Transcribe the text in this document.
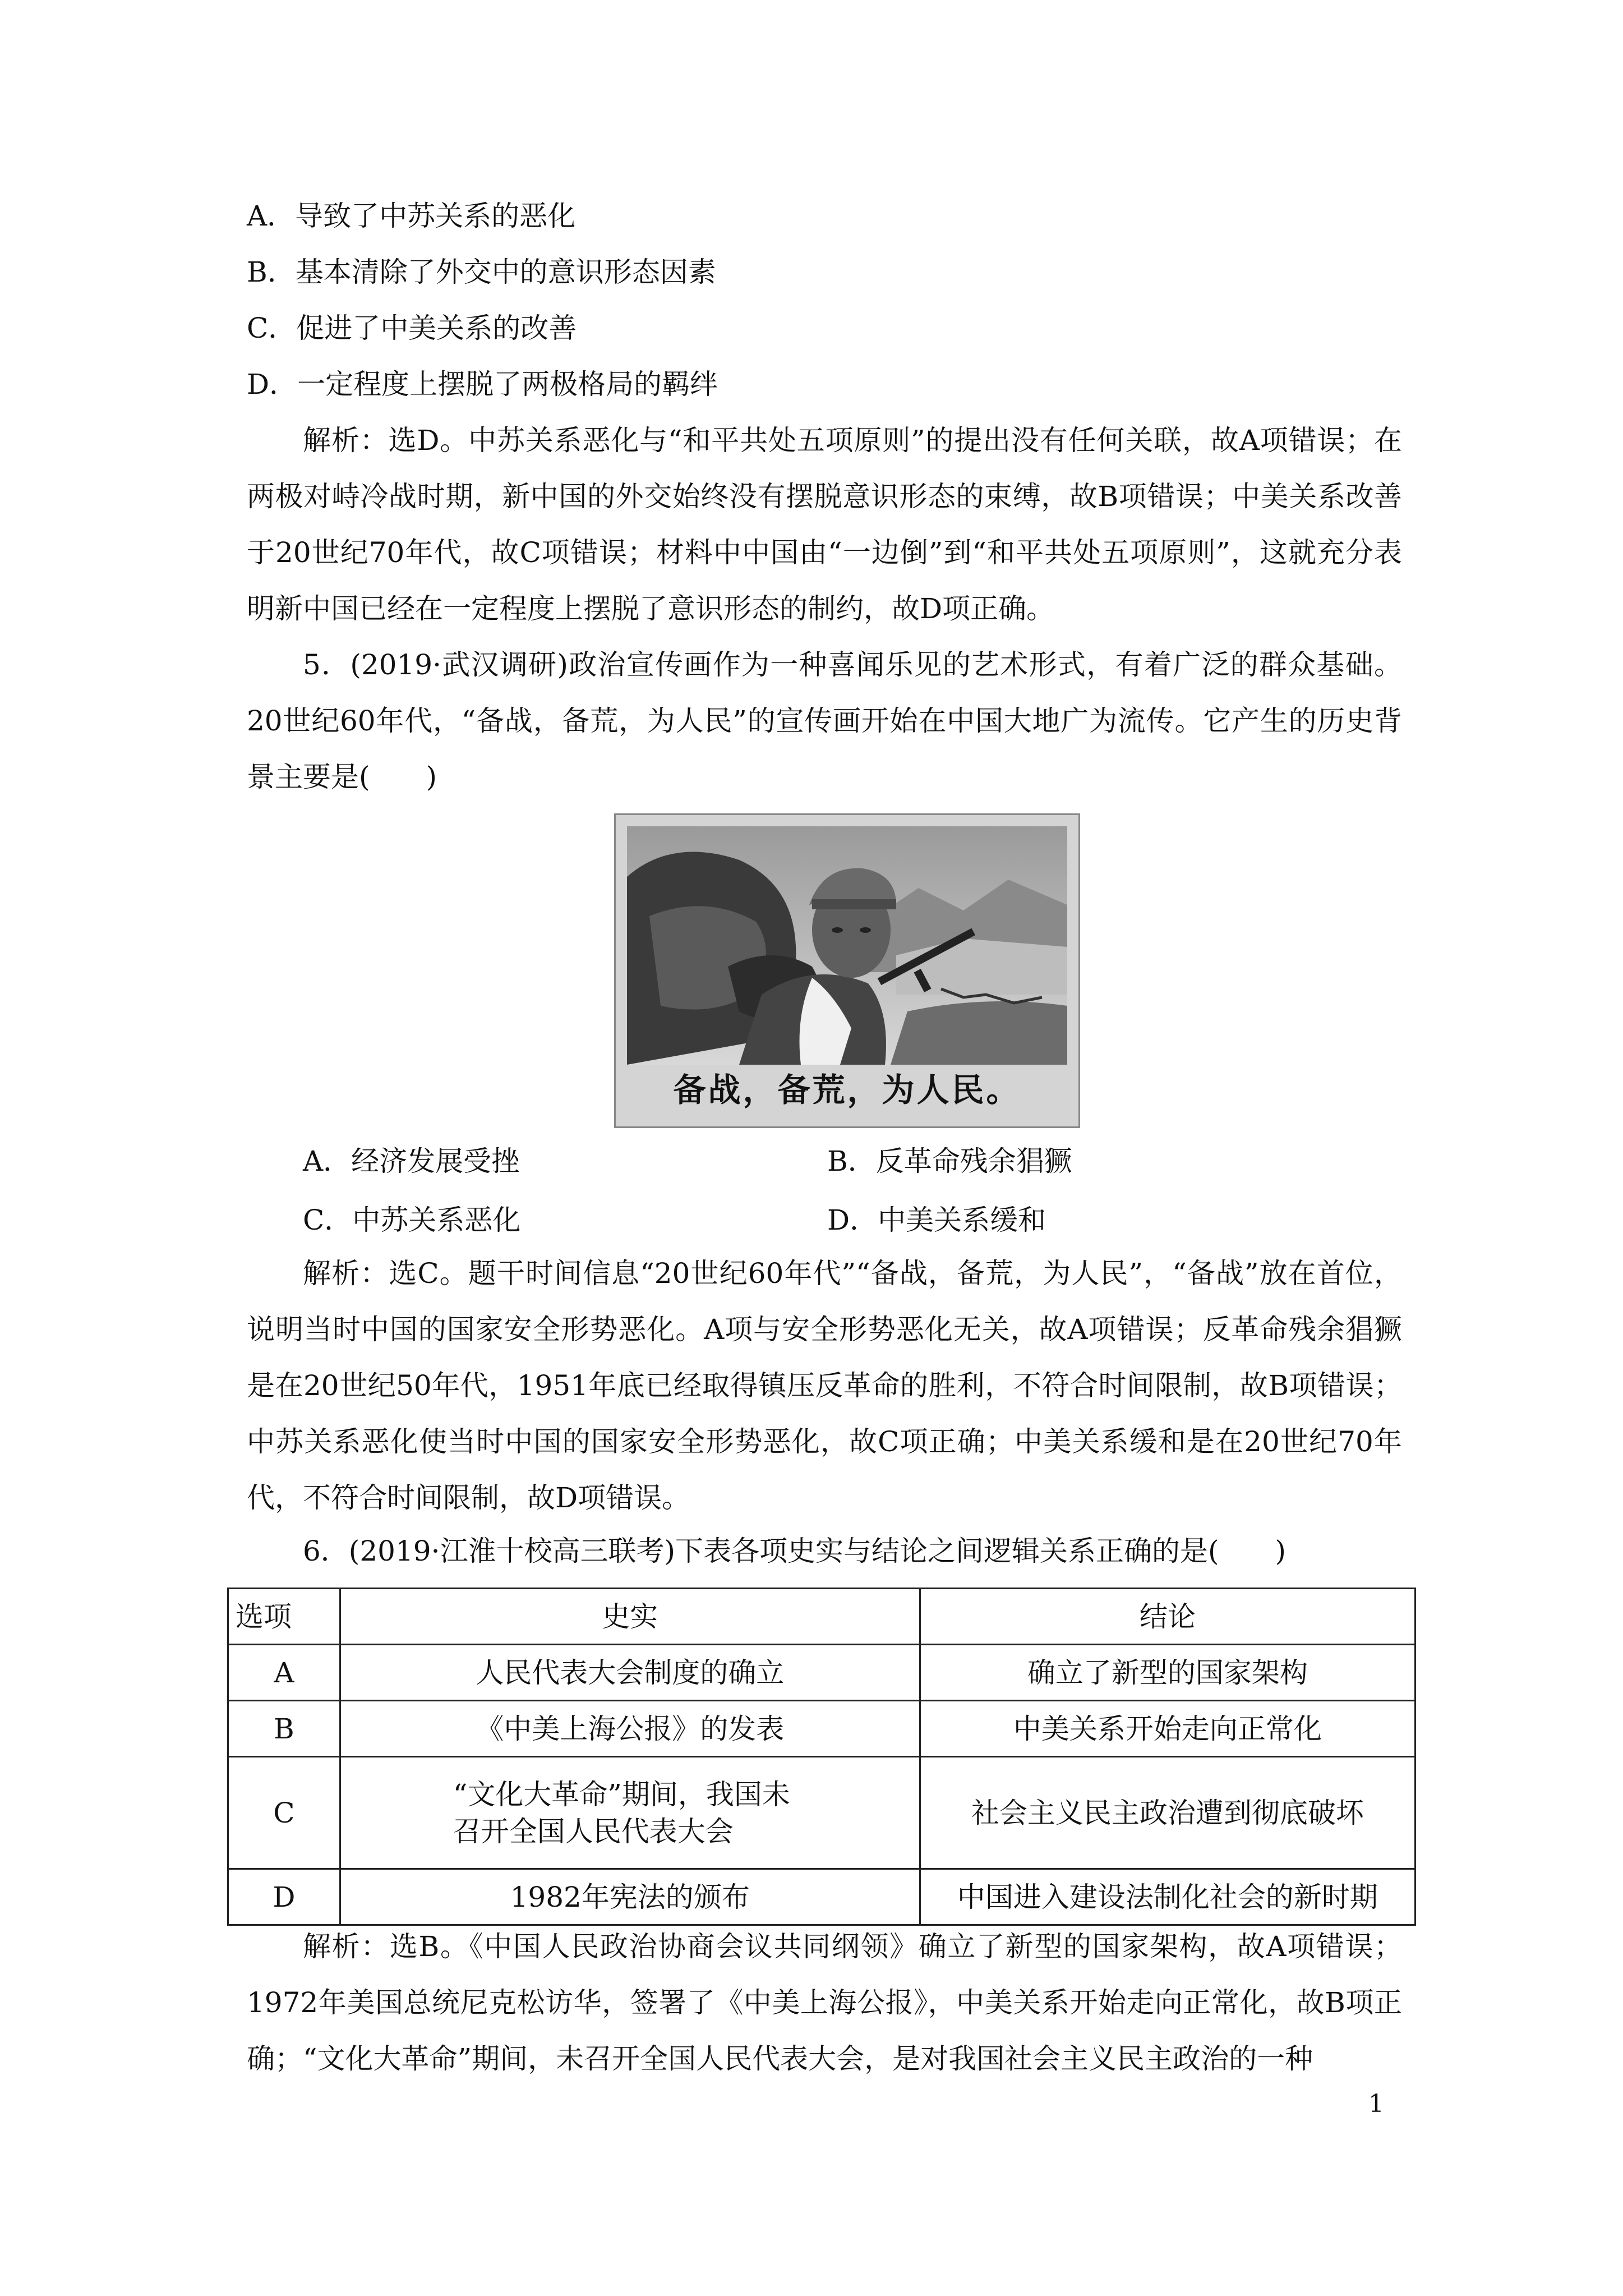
A．导致了中苏关系的恶化

B．基本清除了外交中的意识形态因素

C．促进了中美关系的改善

D．一定程度上摆脱了两极格局的羁绊

解析：选D。中苏关系恶化与“和平共处五项原则”的提出没有任何关联，故A项错误；在两极对峙冷战时期，新中国的外交始终没有摆脱意识形态的束缚，故B项错误；中美关系改善于20世纪70年代，故C项错误；材料中中国由“一边倒”到“和平共处五项原则”，这就充分表明新中国已经在一定程度上摆脱了意识形态的制约，故D项正确。

5．(2019·武汉调研)政治宣传画作为一种喜闻乐见的艺术形式，有着广泛的群众基础。20世纪60年代，“备战，备荒，为人民”的宣传画开始在中国大地广为流传。它产生的历史背景主要是(　　)

备战，备荒，为人民。

A．经济发展受挫	B．反革命残余猖獗

C．中苏关系恶化	D．中美关系缓和

解析：选C。题干时间信息“20世纪60年代”“备战，备荒，为人民”，“备战”放在首位，说明当时中国的国家安全形势恶化。A项与安全形势恶化无关，故A项错误；反革命残余猖獗是在20世纪50年代，1951年底已经取得镇压反革命的胜利，不符合时间限制，故B项错误；中苏关系恶化使当时中国的国家安全形势恶化，故C项正确；中美关系缓和是在20世纪70年代，不符合时间限制，故D项错误。

6．(2019·江淮十校高三联考)下表各项史实与结论之间逻辑关系正确的是(　　)

选项	史实	结论
A	人民代表大会制度的确立	确立了新型的国家架构
B	《中美上海公报》的发表	中美关系开始走向正常化
C	“文化大革命”期间，我国未召开全国人民代表大会	社会主义民主政治遭到彻底破坏
D	1982年宪法的颁布	中国进入建设法制化社会的新时期

解析：选B。《中国人民政治协商会议共同纲领》确立了新型的国家架构，故A项错误；1972年美国总统尼克松访华，签署了《中美上海公报》，中美关系开始走向正常化，故B项正确；“文化大革命”期间，未召开全国人民代表大会，是对我国社会主义民主政治的一种

1
